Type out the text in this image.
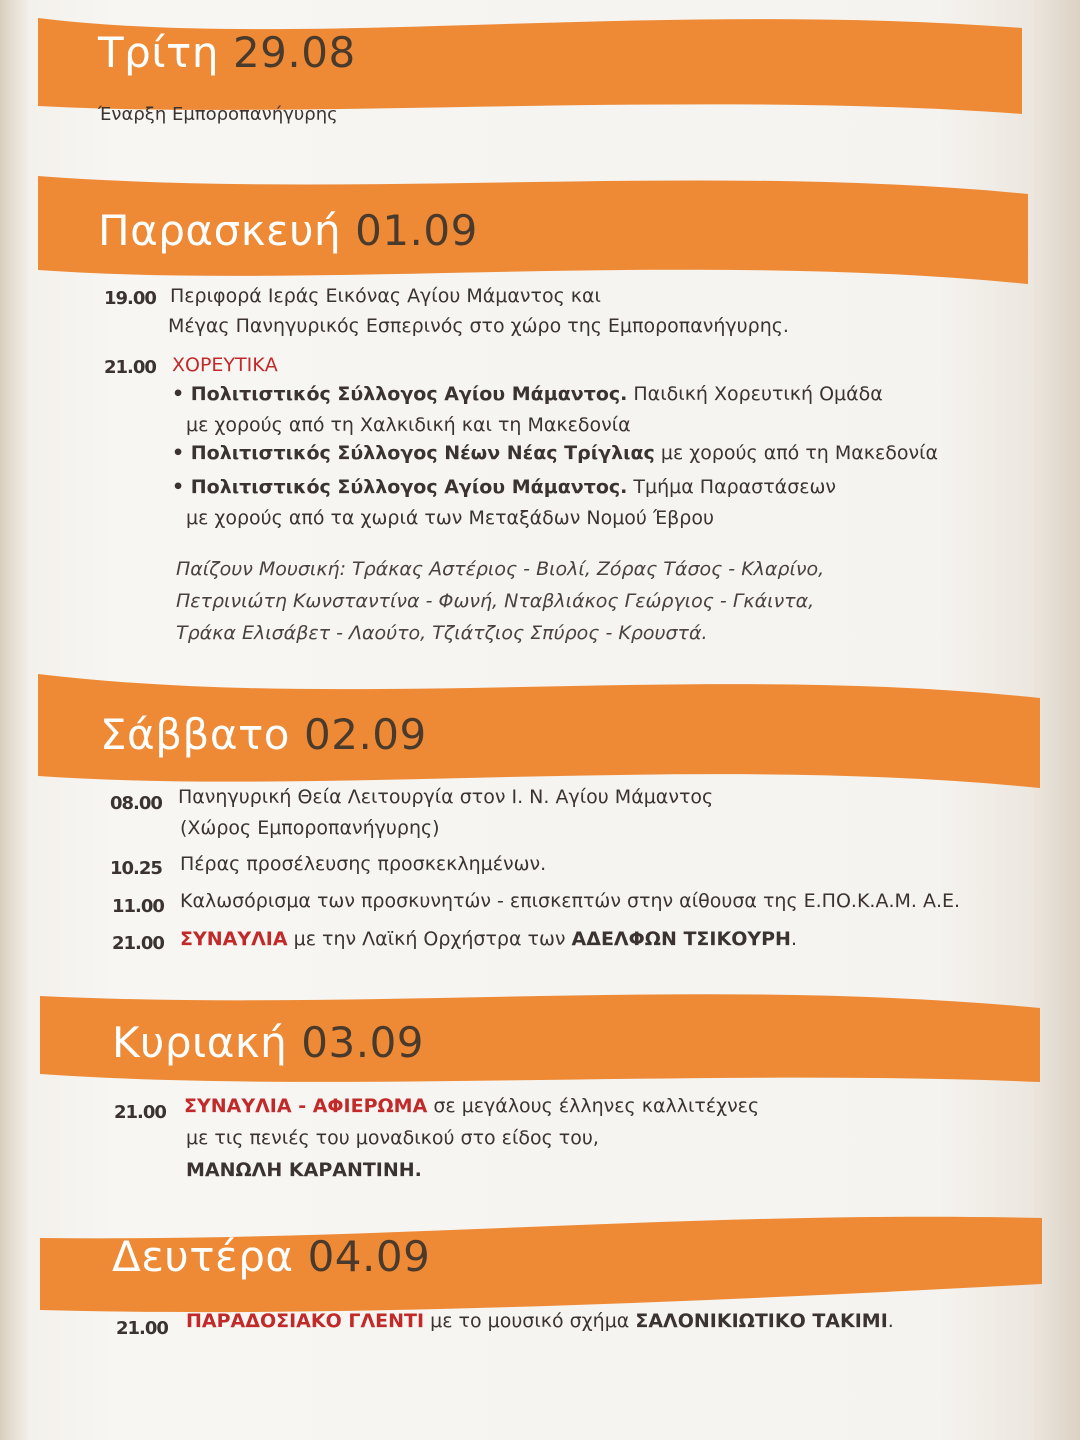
Τρίτη 29.08
Έναρξη Εμποροπανήγυρης
Παρασκευή 01.09
19.00 Περιφορά Ιεράς Εικόνας Αγίου Μάμαντος και
Μέγας Πανηγυρικός Εσπερινός στο χώρο της Εμποροπανήγυρης.
21.00 ΧΟΡΕΥΤΙΚΑ
• Πολιτιστικός Σύλλογος Αγίου Μάμαντος. Παιδική Χορευτική Ομάδα
με χορούς από τη Χαλκιδική και τη Μακεδονία
• Πολιτιστικός Σύλλογος Νέων Νέας Τρίγλιας με χορούς από τη Μακεδονία
• Πολιτιστικός Σύλλογος Αγίου Μάμαντος. Τμήμα Παραστάσεων
με χορούς από τα χωριά των Μεταξάδων Νομού Έβρου
Παίζουν Μουσική: Τράκας Αστέριος - Βιολί, Ζόρας Τάσος - Κλαρίνο,
Πετρινιώτη Κωνσταντίνα - Φωνή, Νταβλιάκος Γεώργιος - Γκάιντα,
Τράκα Ελισάβετ - Λαούτο, Τζιάτζιος Σπύρος - Κρουστά.
Σάββατο 02.09
08.00 Πανηγυρική Θεία Λειτουργία στον Ι. Ν. Αγίου Μάμαντος
(Χώρος Εμποροπανήγυρης)
10.25 Πέρας προσέλευσης προσκεκλημένων.
11.00 Καλωσόρισμα των προσκυνητών - επισκεπτών στην αίθουσα της Ε.ΠΟ.Κ.Α.Μ. Α.Ε.
21.00 ΣΥΝΑΥΛΙΑ με την Λαϊκή Ορχήστρα των ΑΔΕΛΦΩΝ ΤΣΙΚΟΥΡΗ.
Κυριακή 03.09
21.00 ΣΥΝΑΥΛΙΑ - ΑΦΙΕΡΩΜΑ σε μεγάλους έλληνες καλλιτέχνες
με τις πενιές του μοναδικού στο είδος του,
ΜΑΝΩΛΗ ΚΑΡΑΝΤΙΝΗ.
Δευτέρα 04.09
21.00 ΠΑΡΑΔΟΣΙΑΚΟ ΓΛΕΝΤΙ με το μουσικό σχήμα ΣΑΛΟΝΙΚΙΩΤΙΚΟ ΤΑΚΙΜΙ.
